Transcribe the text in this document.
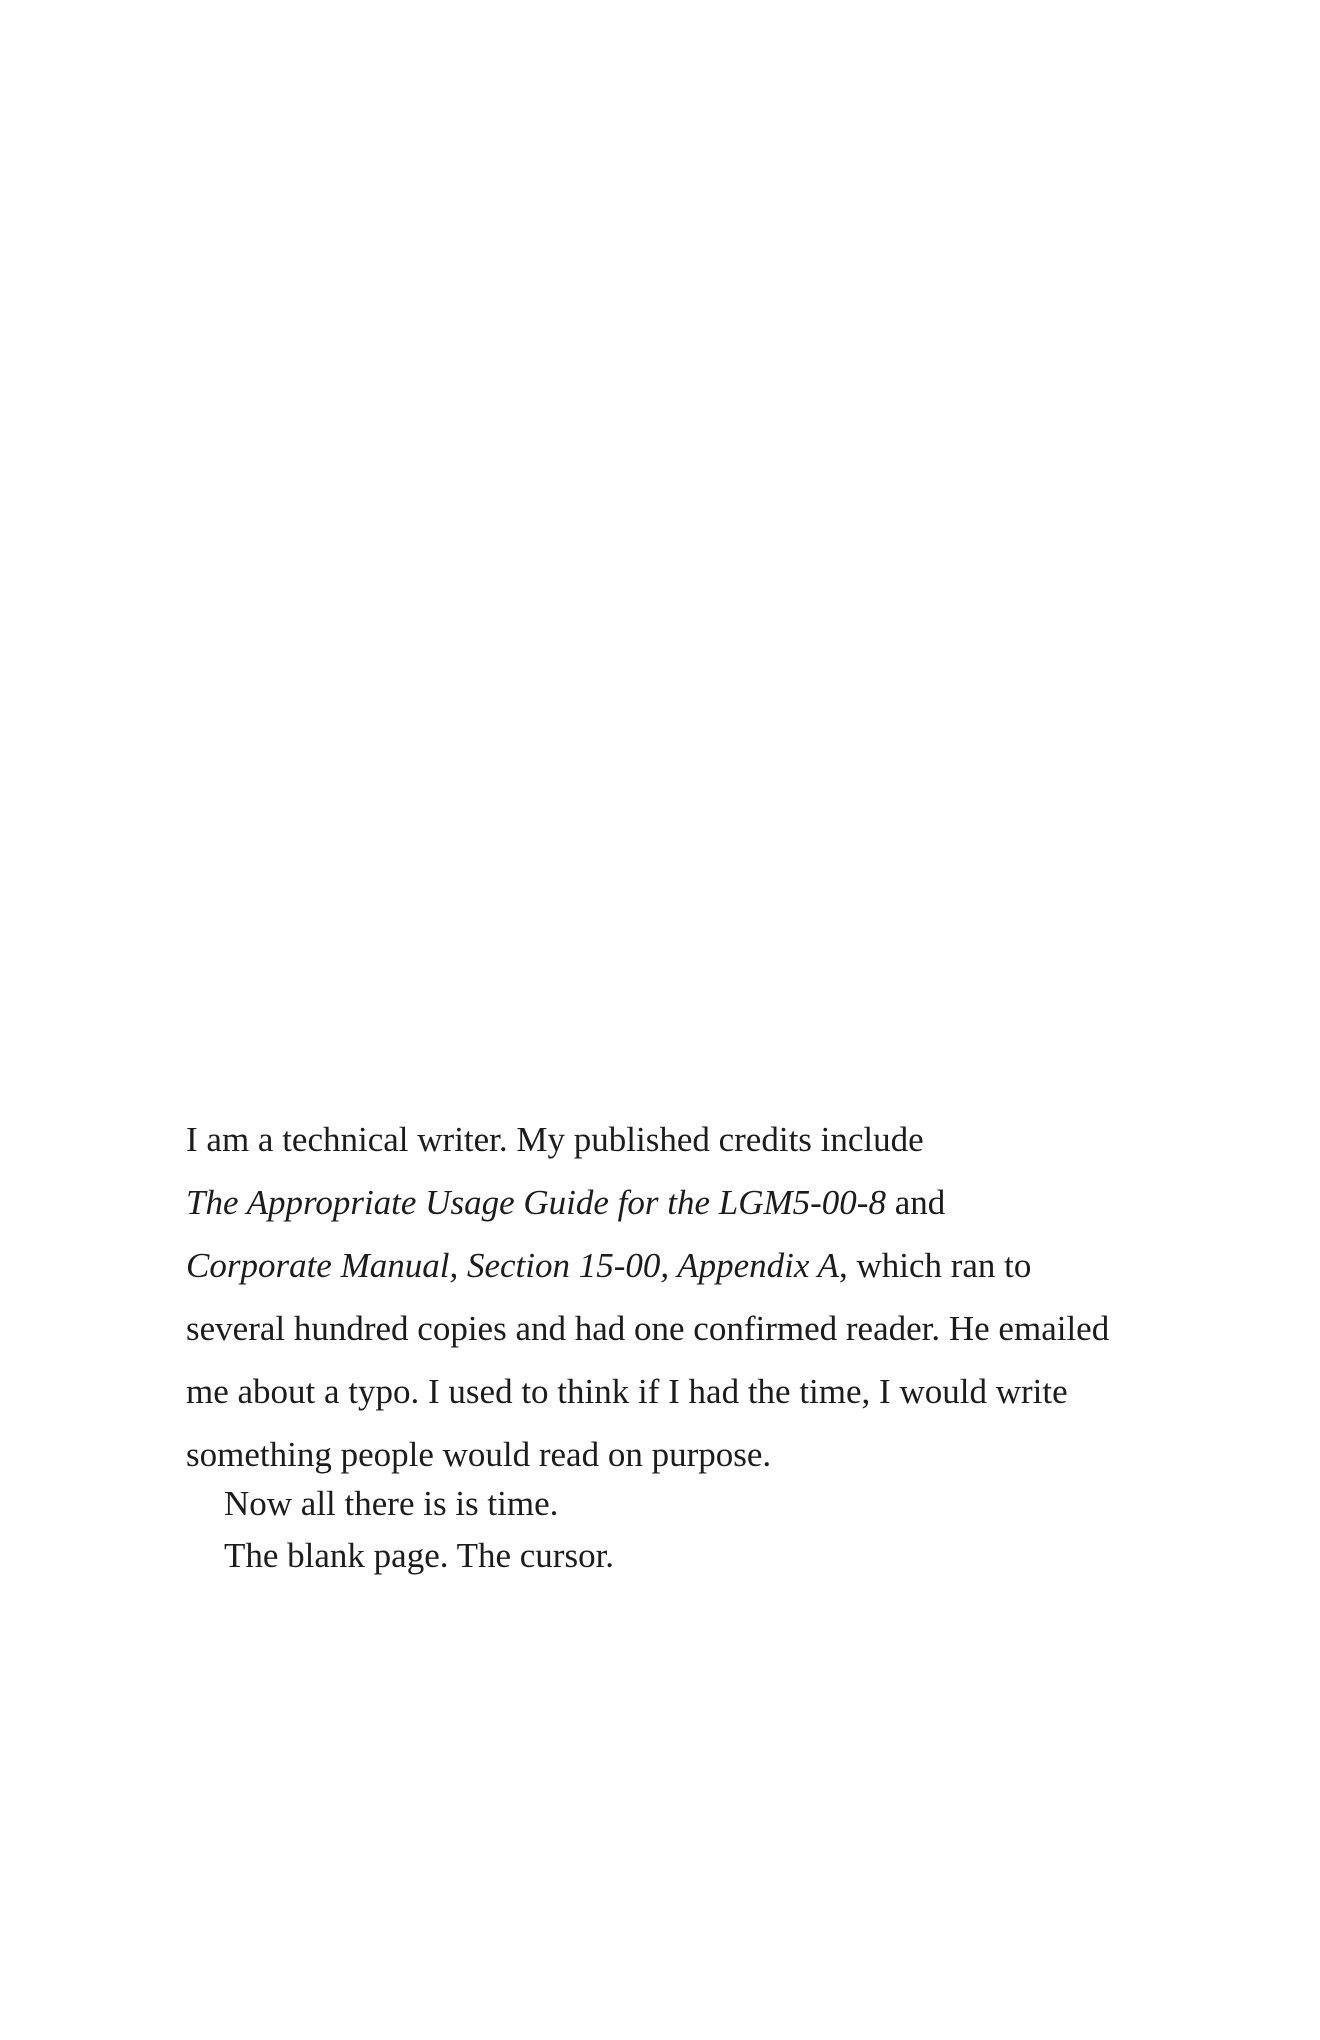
I am a technical writer. My published credits include
The Appropriate Usage Guide for the LGM5-00-8 and
Corporate Manual, Section 15-00, Appendix A, which ran to
several hundred copies and had one confirmed reader. He emailed
me about a typo. I used to think if I had the time, I would write
something people would read on purpose.
Now all there is is time.
The blank page. The cursor.
